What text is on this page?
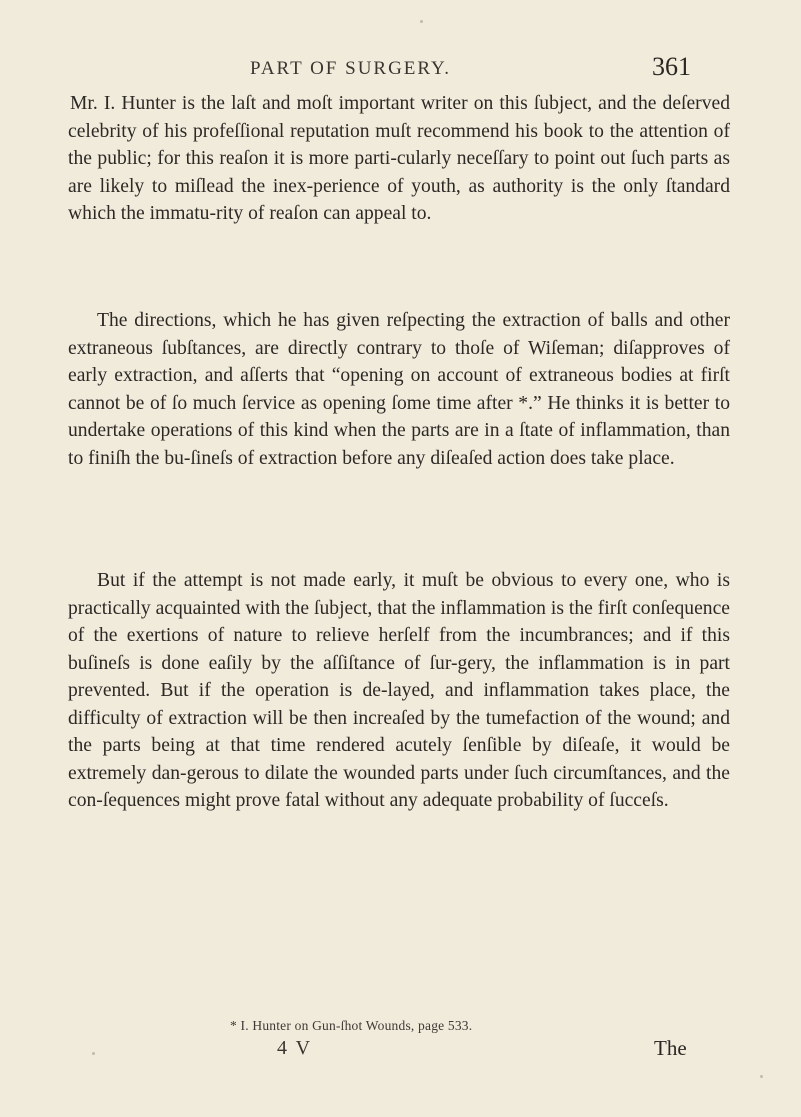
PART OF SURGERY.	361

Mr. I. Hunter is the laſt and moſt important writer on this ſubject, and the deſerved celebrity of his profeſſional reputation muſt recommend his book to the attention of the public; for this reaſon it is more parti-cularly neceſſary to point out ſuch parts as are likely to miſlead the inex-perience of youth, as authority is the only ſtandard which the immatu-rity of reaſon can appeal to.

The directions, which he has given reſpecting the extraction of balls and other extraneous ſubſtances, are directly contrary to thoſe of Wiſeman; diſapproves of early extraction, and aſſerts that “opening on account of extraneous bodies at firſt cannot be of ſo much ſervice as opening ſome time after *.” He thinks it is better to undertake operations of this kind when the parts are in a ſtate of inflammation, than to finiſh the bu-ſineſs of extraction before any diſeaſed action does take place.

But if the attempt is not made early, it muſt be obvious to every one, who is practically acquainted with the ſubject, that the inflammation is the firſt conſequence of the exertions of nature to relieve herſelf from the incumbrances; and if this buſineſs is done eaſily by the aſſiſtance of ſur-gery, the inflammation is in part prevented. But if the operation is de-layed, and inflammation takes place, the difficulty of extraction will be then increaſed by the tumefaction of the wound; and the parts being at that time rendered acutely ſenſible by diſeaſe, it would be extremely dan-gerous to dilate the wounded parts under ſuch circumſtances, and the con-ſequences might prove fatal without any adequate probability of ſucceſs.

* I. Hunter on Gun-ſhot Wounds, page 533.
4 V	The
